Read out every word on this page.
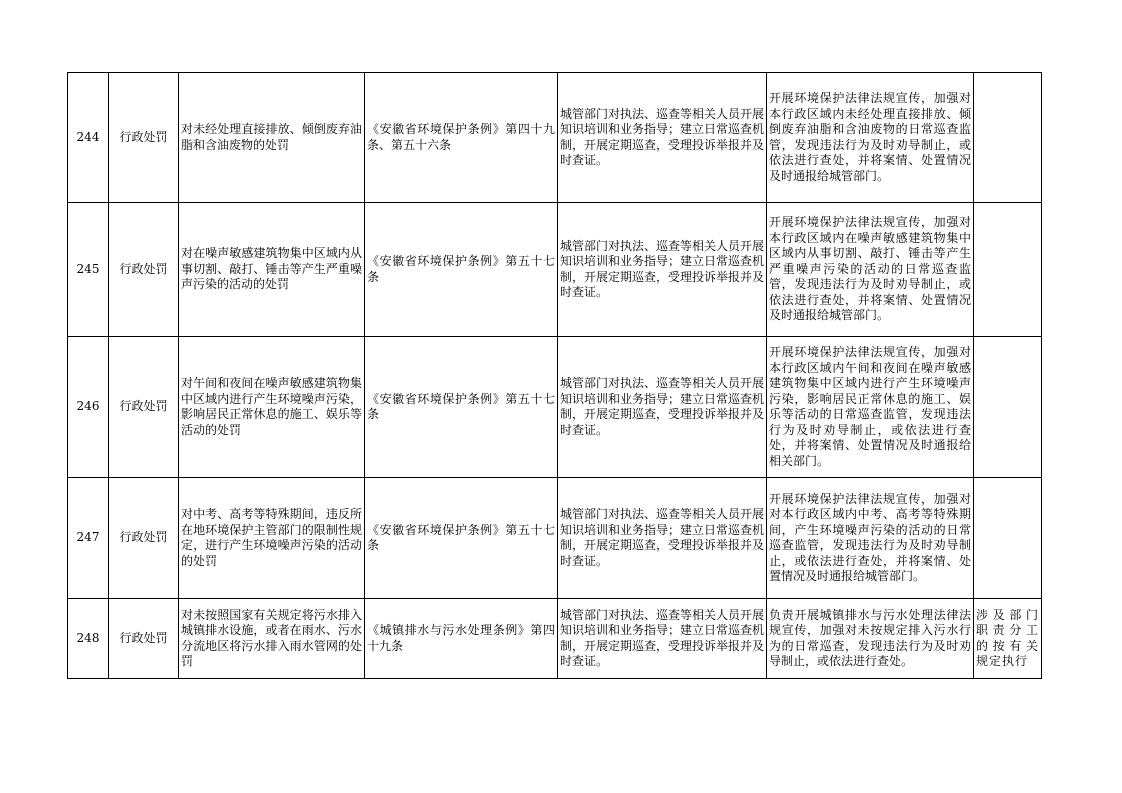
244	行政处罚	对未经处理直接排放、倾倒废弃油脂和含油废物的处罚	《安徽省环境保护条例》第四十九条、第五十六条	城管部门对执法、巡查等相关人员开展知识培训和业务指导；建立日常巡查机制，开展定期巡查，受理投诉举报并及时查证。	开展环境保护法律法规宣传，加强对本行政区域内未经处理直接排放、倾倒废弃油脂和含油废物的日常巡查监管，发现违法行为及时劝导制止，或依法进行查处，并将案情、处置情况及时通报给城管部门。	

245	行政处罚	对在噪声敏感建筑物集中区域内从事切割、敲打、锤击等产生严重噪声污染的活动的处罚	《安徽省环境保护条例》第五十七条	城管部门对执法、巡查等相关人员开展知识培训和业务指导；建立日常巡查机制，开展定期巡查，受理投诉举报并及时查证。	开展环境保护法律法规宣传，加强对本行政区域内在噪声敏感建筑物集中区域内从事切割、敲打、锤击等产生严重噪声污染的活动的日常巡查监管，发现违法行为及时劝导制止，或依法进行查处，并将案情、处置情况及时通报给城管部门。	

246	行政处罚	对午间和夜间在噪声敏感建筑物集中区域内进行产生环境噪声污染，影响居民正常休息的施工、娱乐等活动的处罚	《安徽省环境保护条例》第五十七条	城管部门对执法、巡查等相关人员开展知识培训和业务指导；建立日常巡查机制，开展定期巡查，受理投诉举报并及时查证。	开展环境保护法律法规宣传，加强对本行政区域内午间和夜间在噪声敏感建筑物集中区域内进行产生环境噪声污染，影响居民正常休息的施工、娱乐等活动的日常巡查监管，发现违法行为及时劝导制止，或依法进行查处，并将案情、处置情况及时通报给相关部门。	

247	行政处罚	对中考、高考等特殊期间，违反所在地环境保护主管部门的限制性规定，进行产生环境噪声污染的活动的处罚	《安徽省环境保护条例》第五十七条	城管部门对执法、巡查等相关人员开展知识培训和业务指导；建立日常巡查机制，开展定期巡查，受理投诉举报并及时查证。	开展环境保护法律法规宣传，加强对对本行政区域内中考、高考等特殊期间，产生环境噪声污染的活动的日常巡查监管，发现违法行为及时劝导制止，或依法进行查处，并将案情、处置情况及时通报给城管部门。	

248	行政处罚	对未按照国家有关规定将污水排入城镇排水设施，或者在雨水、污水分流地区将污水排入雨水管网的处罚	《城镇排水与污水处理条例》第四十九条	城管部门对执法、巡查等相关人员开展知识培训和业务指导；建立日常巡查机制，开展定期巡查，受理投诉举报并及时查证。	负责开展城镇排水与污水处理法律法规宣传，加强对未按规定排入污水行为的日常巡查，发现违法行为及时劝导制止，或依法进行查处。	涉及部门职责分工的按有关规定执行
